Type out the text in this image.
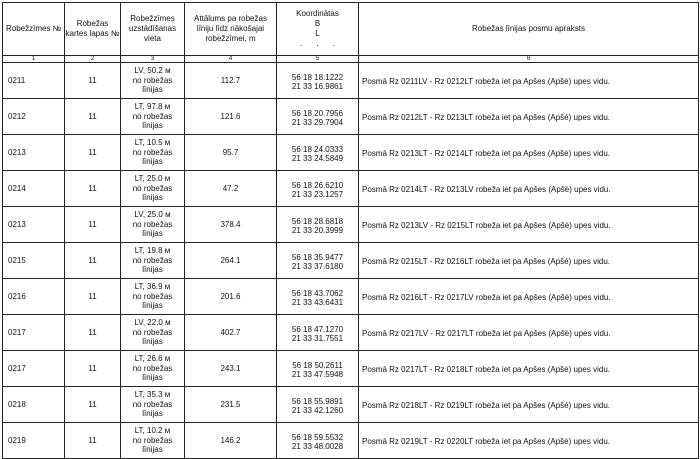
Robežzīmes №	Robežas kartes lapas №	Robežzīmes uzstādīšanas vieta	Attālums pa robežas līniju līdz nākošajai robežzīmei, m	Koordinātas
B
L
. . .	Robežas līnijas posmu apraksts
1	2	3	4	5	6
0211	11	LV, 50.2 м
no robežas
līnijas	112.7	56 18 18.1222
21 33 16.9861	Posmā Rz 0211LV - Rz 0212LT robeža iet pa Apšes (Apšė) upes vidu.
0212	11	LT, 97.8 м
no robežas
līnijas	121.6	56 18 20.7956
21 33 29.7904	Posmā Rz 0212LT - Rz 0213LT robeža iet pa Apšes (Apšė) upes vidu.
0213	11	LT, 10.5 м
no robežas
līnijas	95.7	56 18 24.0333
21 33 24.5849	Posmā Rz 0213LT - Rz 0214LT robeža iet pa Apšes (Apšė) upes vidu.
0214	11	LT, 25.0 м
no robežas
līnijas	47.2	56 18 26.6210
21 33 23.1257	Posmā Rz 0214LT - Rz 0213LV robeža iet pa Apšes (Apšė) upes vidu.
0213	11	LV, 25.0 м
no robežas
līnijas	378.4	56 18 28.6818
21 33 20.3999	Posmā Rz 0213LV - Rz 0215LT robeža iet pa Apšes (Apšė) upes vidu.
0215	11	LT, 19.8 м
no robežas
līnijas	264.1	56 18 35.9477
21 33 37.6180	Posmā Rz 0215LT - Rz 0216LT robeža iet pa Apšes (Apšė) upes vidu.
0216	11	LT, 36.9 м
no robežas
līnijas	201.6	56 18 43.7062
21 33 43.6431	Posmā Rz 0216LT - Rz 0217LV robeža iet pa Apšes (Apšė) upes vidu.
0217	11	LV, 22.0 м
no robežas
līnijas	402.7	56 18 47.1270
21 33 31.7551	Posmā Rz 0217LV - Rz 0217LT robeža iet pa Apšes (Apšė) upes vidu.
0217	11	LT, 26.6 м
no robežas
līnijas	243.1	56 18 50.2611
21 33 47.5948	Posmā Rz 0217LT - Rz 0218LT robeža iet pa Apšes (Apšė) upes vidu.
0218	11	LT, 35.3 м
no robežas
līnijas	231.5	56 18 55.9891
21 33 42.1260	Posmā Rz 0218LT - Rz 0219LT robeža iet pa Apšes (Apšė) upes vidu.
0219	11	LT, 10.2 м
no robežas
līnijas	146.2	56 18 59.5532
21 33 48.0028	Posmā Rz 0219LT - Rz 0220LT robeža iet pa Apšes (Apšė) upes vidu.
